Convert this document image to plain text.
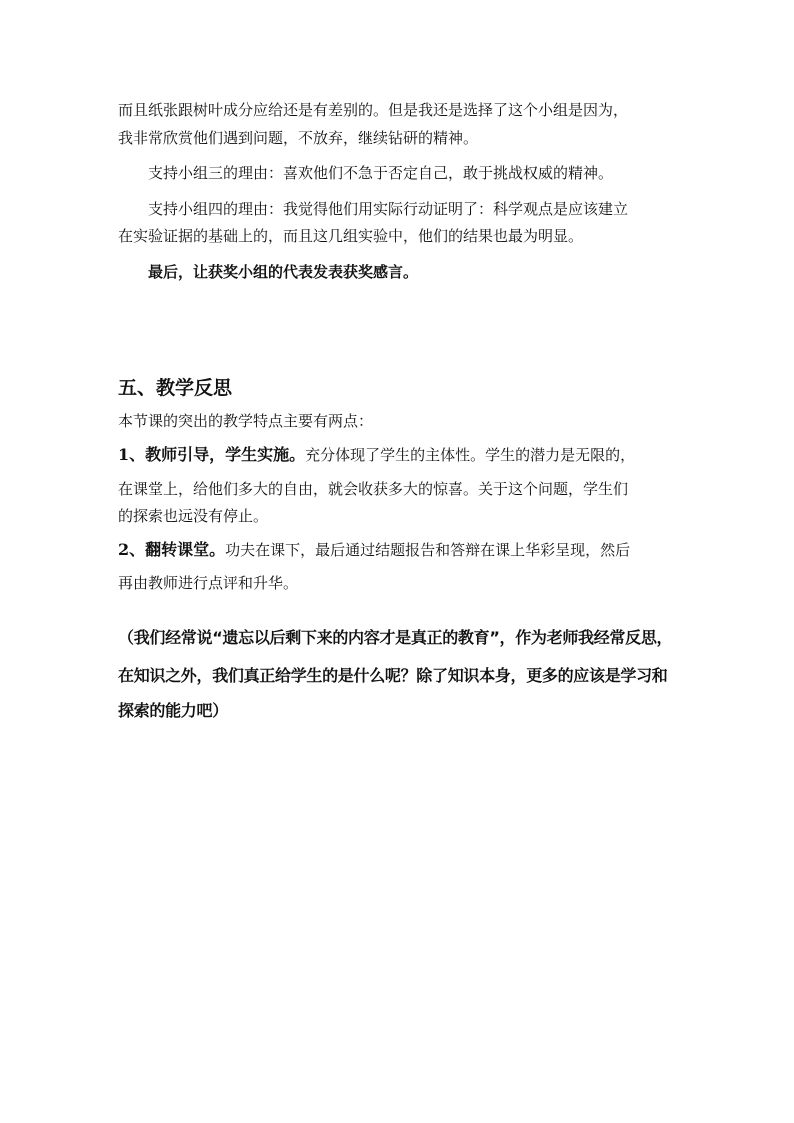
而且纸张跟树叶成分应给还是有差别的。但是我还是选择了这个小组是因为，
我非常欣赏他们遇到问题，不放弃，继续钻研的精神。
支持小组三的理由：喜欢他们不急于否定自己，敢于挑战权威的精神。
支持小组四的理由：我觉得他们用实际行动证明了：科学观点是应该建立
在实验证据的基础上的，而且这几组实验中，他们的结果也最为明显。
最后，让获奖小组的代表发表获奖感言。
五、教学反思
本节课的突出的教学特点主要有两点：
1、教师引导，学生实施。充分体现了学生的主体性。学生的潜力是无限的，
在课堂上，给他们多大的自由，就会收获多大的惊喜。关于这个问题，学生们
的探索也远没有停止。
2、翻转课堂。功夫在课下，最后通过结题报告和答辩在课上华彩呈现，然后
再由教师进行点评和升华。
（我们经常说“遗忘以后剩下来的内容才是真正的教育”，作为老师我经常反思，
在知识之外，我们真正给学生的是什么呢？除了知识本身，更多的应该是学习和
探索的能力吧）
